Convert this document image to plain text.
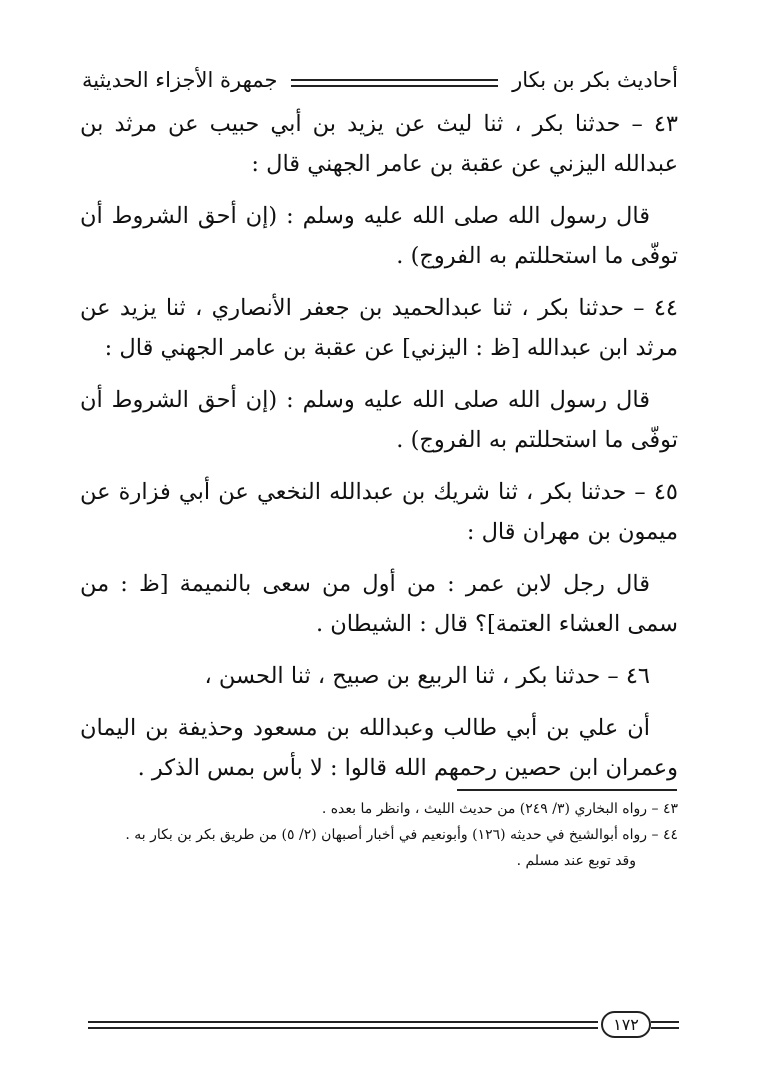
أحاديث بكر بن بكار
جمهرة الأجزاء الحديثية

٤٣ – حدثنا بكر ، ثنا ليث عن يزيد بن أبي حبيب عن مرثد بن عبدالله اليزني عن عقبة بن عامر الجهني قال :

قال رسول الله صلى الله عليه وسلم : (إن أحق الشروط أن توفّى ما استحللتم به الفروج) .

٤٤ – حدثنا بكر ، ثنا عبدالحميد بن جعفر الأنصاري ، ثنا يزيد عن مرثد ابن عبدالله [ظ : اليزني] عن عقبة بن عامر الجهني قال :

قال رسول الله صلى الله عليه وسلم : (إن أحق الشروط أن توفّى ما استحللتم به الفروج) .

٤٥ – حدثنا بكر ، ثنا شريك بن عبدالله النخعي عن أبي فزارة عن ميمون بن مهران قال :

قال رجل لابن عمر : من أول من سعى بالنميمة [ظ : من سمى العشاء العتمة]؟ قال : الشيطان .

٤٦ – حدثنا بكر ، ثنا الربيع بن صبيح ، ثنا الحسن ،

أن علي بن أبي طالب وعبدالله بن مسعود وحذيفة بن اليمان وعمران ابن حصين رحمهم الله قالوا : لا بأس بمس الذكر .

٤٣ – رواه البخاري (٣/ ٢٤٩) من حديث الليث ، وانظر ما بعده .

٤٤ – رواه أبوالشيخ في حديثه (١٢٦) وأبونعيم في أخبار أصبهان (٢/ ٥) من طريق بكر بن بكار به .

وقد توبع عند مسلم .

١٧٢
